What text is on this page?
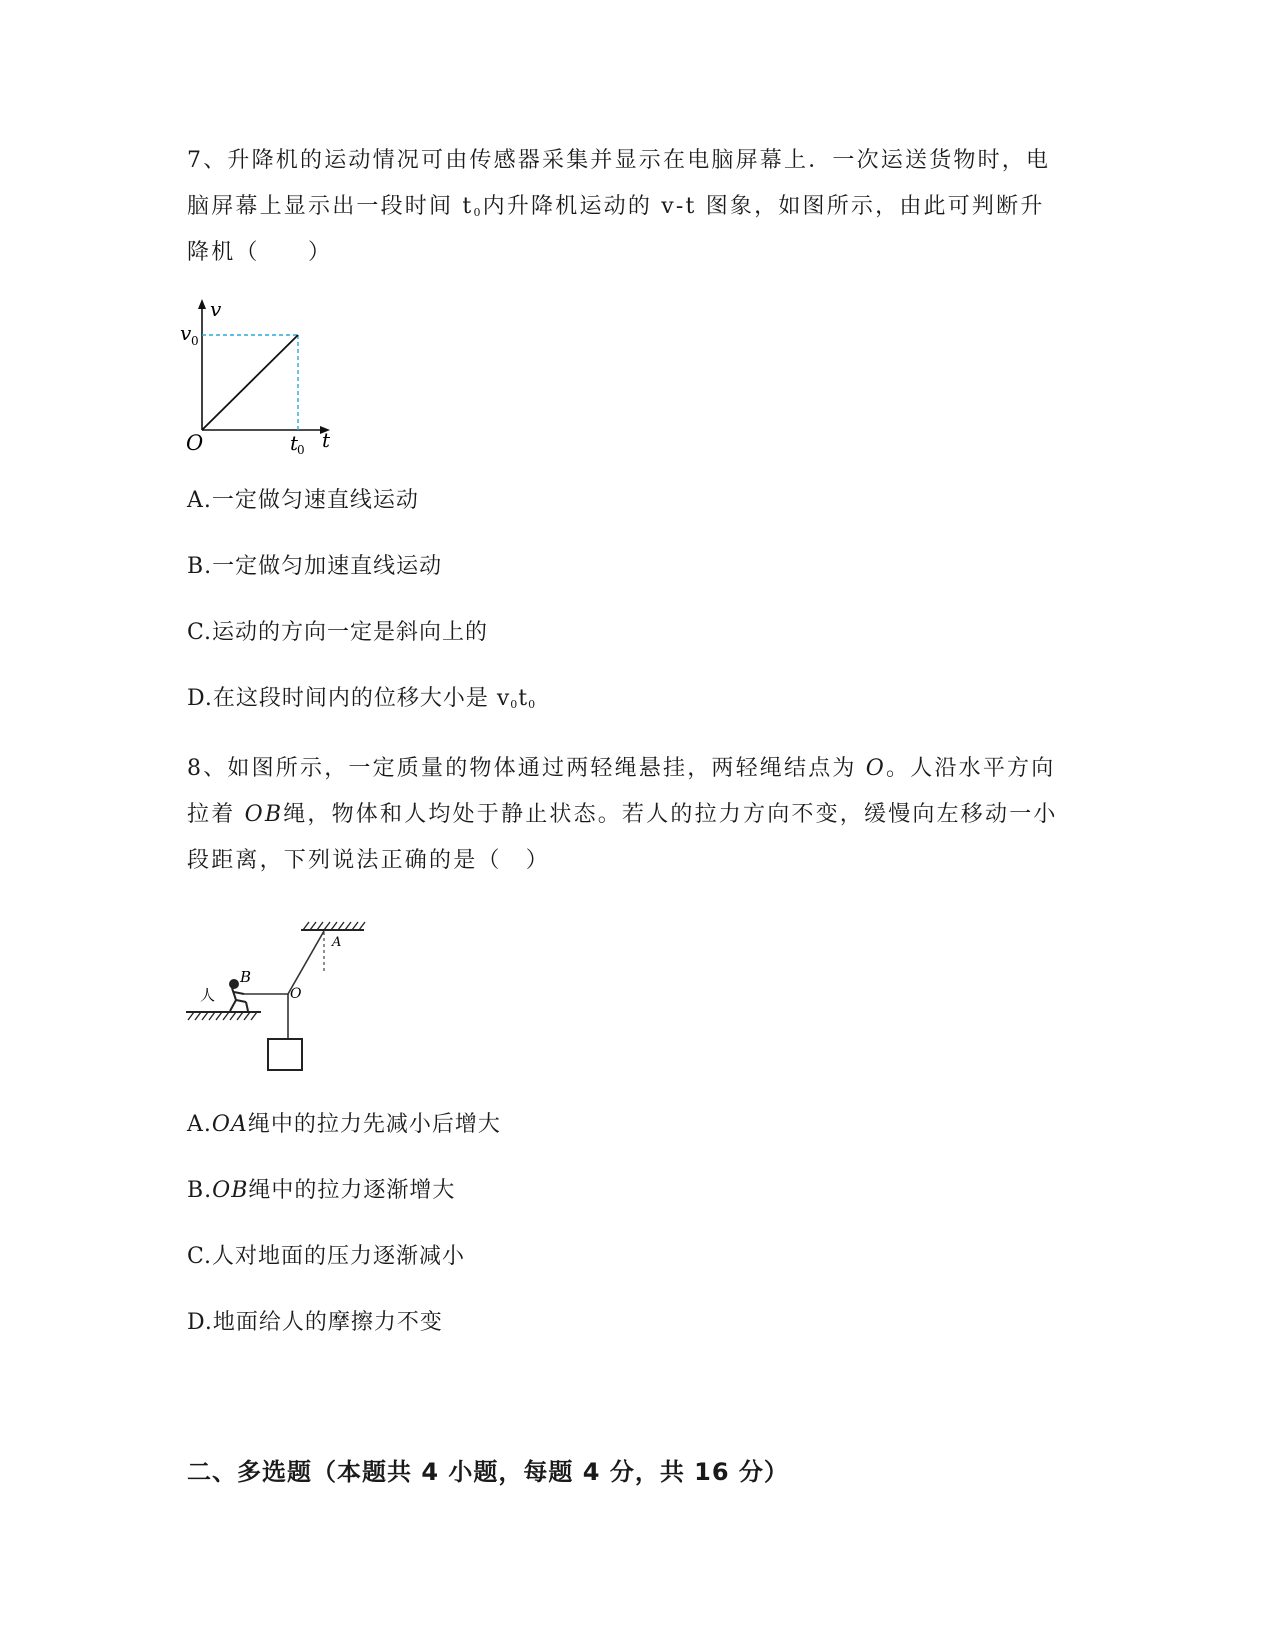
7、升降机的运动情况可由传感器采集并显示在电脑屏幕上．一次运送货物时，电
脑屏幕上显示出一段时间 $t_0$内升降机运动的 v-t 图象，如图所示，由此可判断升
降机（　　）
v
v 0
O	t
0 t
A.一定做匀速直线运动
B.一定做匀加速直线运动
C.运动的方向一定是斜向上的
D.在这段时间内的位移大小是 $v_0t_0$
8、如图所示，一定质量的物体通过两轻绳悬挂，两轻绳结点为 O。人沿水平方向
拉着 OB绳，物体和人均处于静止状态。若人的拉力方向不变，缓慢向左移动一小
段距离，下列说法正确的是（　）
人
B
O
A
A.OA绳中的拉力先减小后增大
B.OB绳中的拉力逐渐增大
C.人对地面的压力逐渐减小
D.地面给人的摩擦力不变
二、多选题（本题共 4 小题，每题 4 分，共 16 分）
